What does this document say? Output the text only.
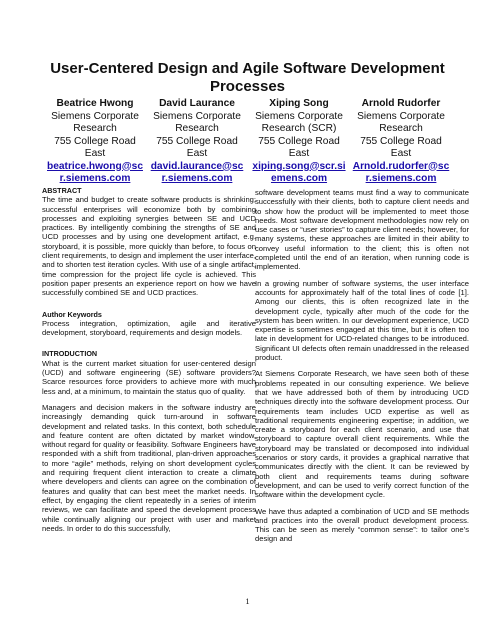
User-Centered Design and Agile Software Development Processes
Beatrice Hwong
Siemens Corporate Research
755 College Road East
beatrice.hwong@scr.siemens.com
David Laurance
Siemens Corporate Research
755 College Road East
david.laurance@scr.siemens.com
Xiping Song
Siemens Corporate Research (SCR)
755 College Road East
xiping.song@scr.siemens.com
Arnold Rudorfer
Siemens Corporate Research
755 College Road East
Arnold.rudorfer@scr.siemens.com
ABSTRACT
The time and budget to create software products is shrinking; successful enterprises will economize both by combining processes and exploiting synergies between SE and UCD practices. By intelligently combining the strengths of SE and UCD processes and by using one development artifact, e.g. storyboard, it is possible, more quickly than before, to focus on client requirements, to design and implement the user interface, and to shorten test iteration cycles. With use of a single artifact, time compression for the project life cycle is achieved. This position paper presents an experience report on how we have successfully combined SE and UCD practices.
Author Keywords
Process integration, optimization, agile and iterative development, storyboard, requirements and design models.
INTRODUCTION
What is the current market situation for user-centered design (UCD) and software engineering (SE) software providers? Scarce resources force providers to achieve more with much less and, at a minimum, to maintain the status quo of quality.
Managers and decision makers in the software industry are increasingly demanding quick turn-around in software development and related tasks. In this context, both schedule and feature content are often dictated by market window, without regard for quality or feasibility. Software Engineers have responded with a shift from traditional, plan-driven approaches to more “agile” methods, relying on short development cycles and requiring frequent client interaction to create a climate where developers and clients can agree on the combination of features and quality that can best meet the market needs. In effect, by engaging the client repeatedly in a series of interim reviews, we can facilitate and speed the development process while continually aligning our project with user and market needs. In order to do this successfully,
software development teams must find a way to communicate successfully with their clients, both to capture client needs and to show how the product will be implemented to meet those needs. Most software development methodologies now rely on use cases or “user stories” to capture client needs; however, for many systems, these approaches are limited in their ability to convey useful information to the client; this is often not completed until the end of an iteration, when running code is implemented.
In a growing number of software systems, the user interface accounts for approximately half of the total lines of code [1]. Among our clients, this is often recognized late in the development cycle, typically after much of the code for the system has been written. In our development experience, UCD expertise is sometimes engaged at this time, but it is often too late in development for UCD-related changes to be introduced. Significant UI defects often remain unaddressed in the released product.
At Siemens Corporate Research, we have seen both of these problems repeated in our consulting experience. We believe that we have addressed both of them by introducing UCD techniques directly into the software development process. Our requirements team includes UCD expertise as well as traditional requirements engineering expertise; in addition, we create a storyboard for each client scenario, and use that storyboard to capture overall client requirements. While the storyboard may be translated or decomposed into individual scenarios or story cards, it provides a graphical narrative that communicates directly with the client. It can be reviewed by both client and requirements teams during software development, and can be used to verify correct function of the software within the development cycle.
We have thus adapted a combination of UCD and SE methods and practices into the overall product development process. This can be seen as merely “common sense”: to tailor one’s design and
1
